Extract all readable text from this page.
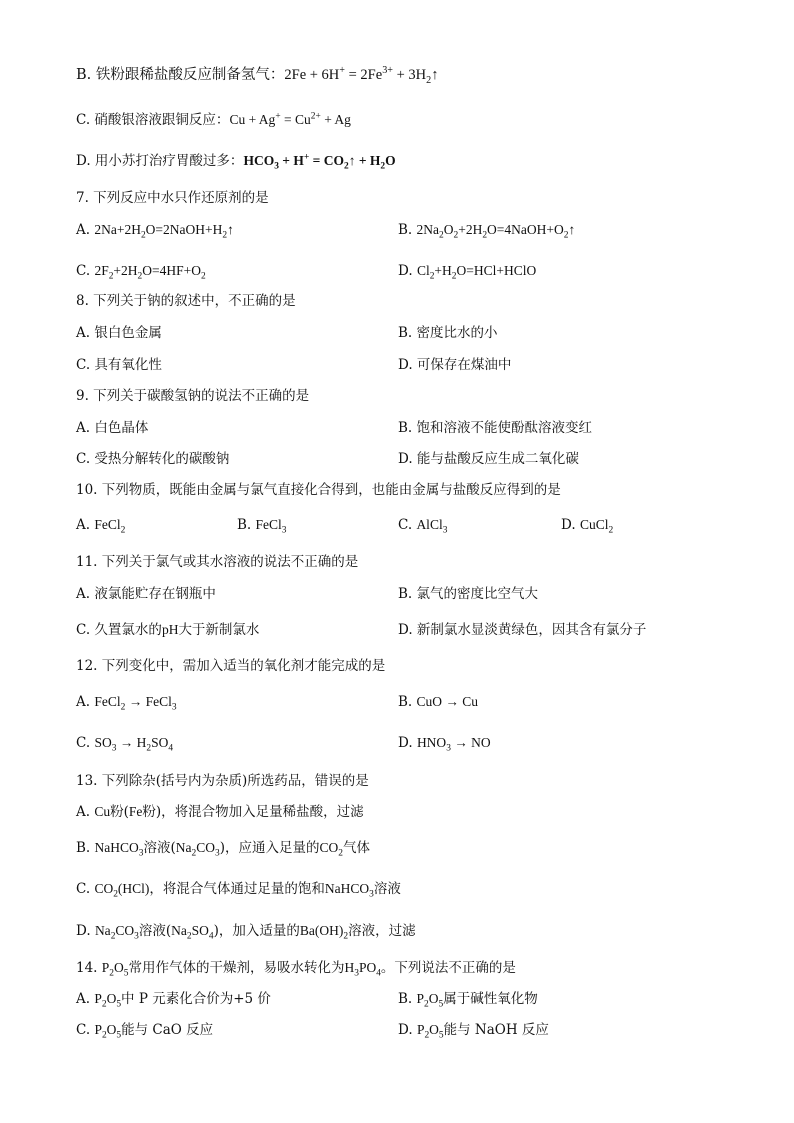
B. 铁粉跟稀盐酸反应制备氢气：$2Fe + 6H^+ = 2Fe^{3+}$ + $3H_2↑$
C. 硝酸银溶液跟铜反应：$Cu + Ag^+ = Cu^{2+} + Ag$
D. 用小苏打治疗胃酸过多：$HCO_3 + H^+$ = $CO_2↑ + H_2O$
7. 下列反应中水只作还原剂的是
A. $2Na+2H_2O=2NaOH+H_2↑$	B. $2Na_2O_2+2H_2O=4NaOH+O_2↑$
C. $2F_2+2H_2O=4HF+O_2$	D. $Cl_2+H_2O=HCl+HClO$
8. 下列关于钠的叙述中，不正确的是
A. 银白色金属	B. 密度比水的小
C. 具有氧化性	D. 可保存在煤油中
9. 下列关于碳酸氢钠的说法不正确的是
A. 白色晶体	B. 饱和溶液不能使酚酞溶液变红
C. 受热分解转化的碳酸钠	D. 能与盐酸反应生成二氧化碳
10. 下列物质，既能由金属与氯气直接化合得到，也能由金属与盐酸反应得到的是
A. FeCl$_2$	B. FeCl$_3$	C. AlCl$_3$	D. CuCl$_2$
11. 下列关于氯气或其水溶液的说法不正确的是
A. 液氯能贮存在钢瓶中	B. 氯气的密度比空气大
C. 久置氯水的pH大于新制氯水	D. 新制氯水显淡黄绿色，因其含有氯分子
12. 下列变化中，需加入适当的氧化剂才能完成的是
A. FeCl$_2$ → FeCl$_3$	B. CuO → Cu
C. $SO_3 \to H_2SO_4$	D. $HNO_3$ → NO
13. 下列除杂(括号内为杂质)所选药品，错误的是
A. Cu粉(Fe粉)，将混合物加入足量稀盐酸，过滤
B. NaHCO$_3$溶液$(Na_2CO_3)$，应通入足量的$CO_2$气体
C. $CO_2(HCl)$，将混合气体通过足量的饱和NaHCO$_3$溶液
D. $Na_2CO_3$溶液$(Na_2SO_4)$，加入适量的$Ba(OH)_2$溶液，过滤
14. $P_2O_5$常用作气体的干燥剂，易吸水转化为$H_3PO_4$。下列说法不正确的是
A. $P_2O_5$中 P 元素化合价为+5 价	B. $P_2O_5$属于碱性氧化物
C. $P_2O_5$能与 CaO 反应	D. $P_2O_5$能与 NaOH 反应
